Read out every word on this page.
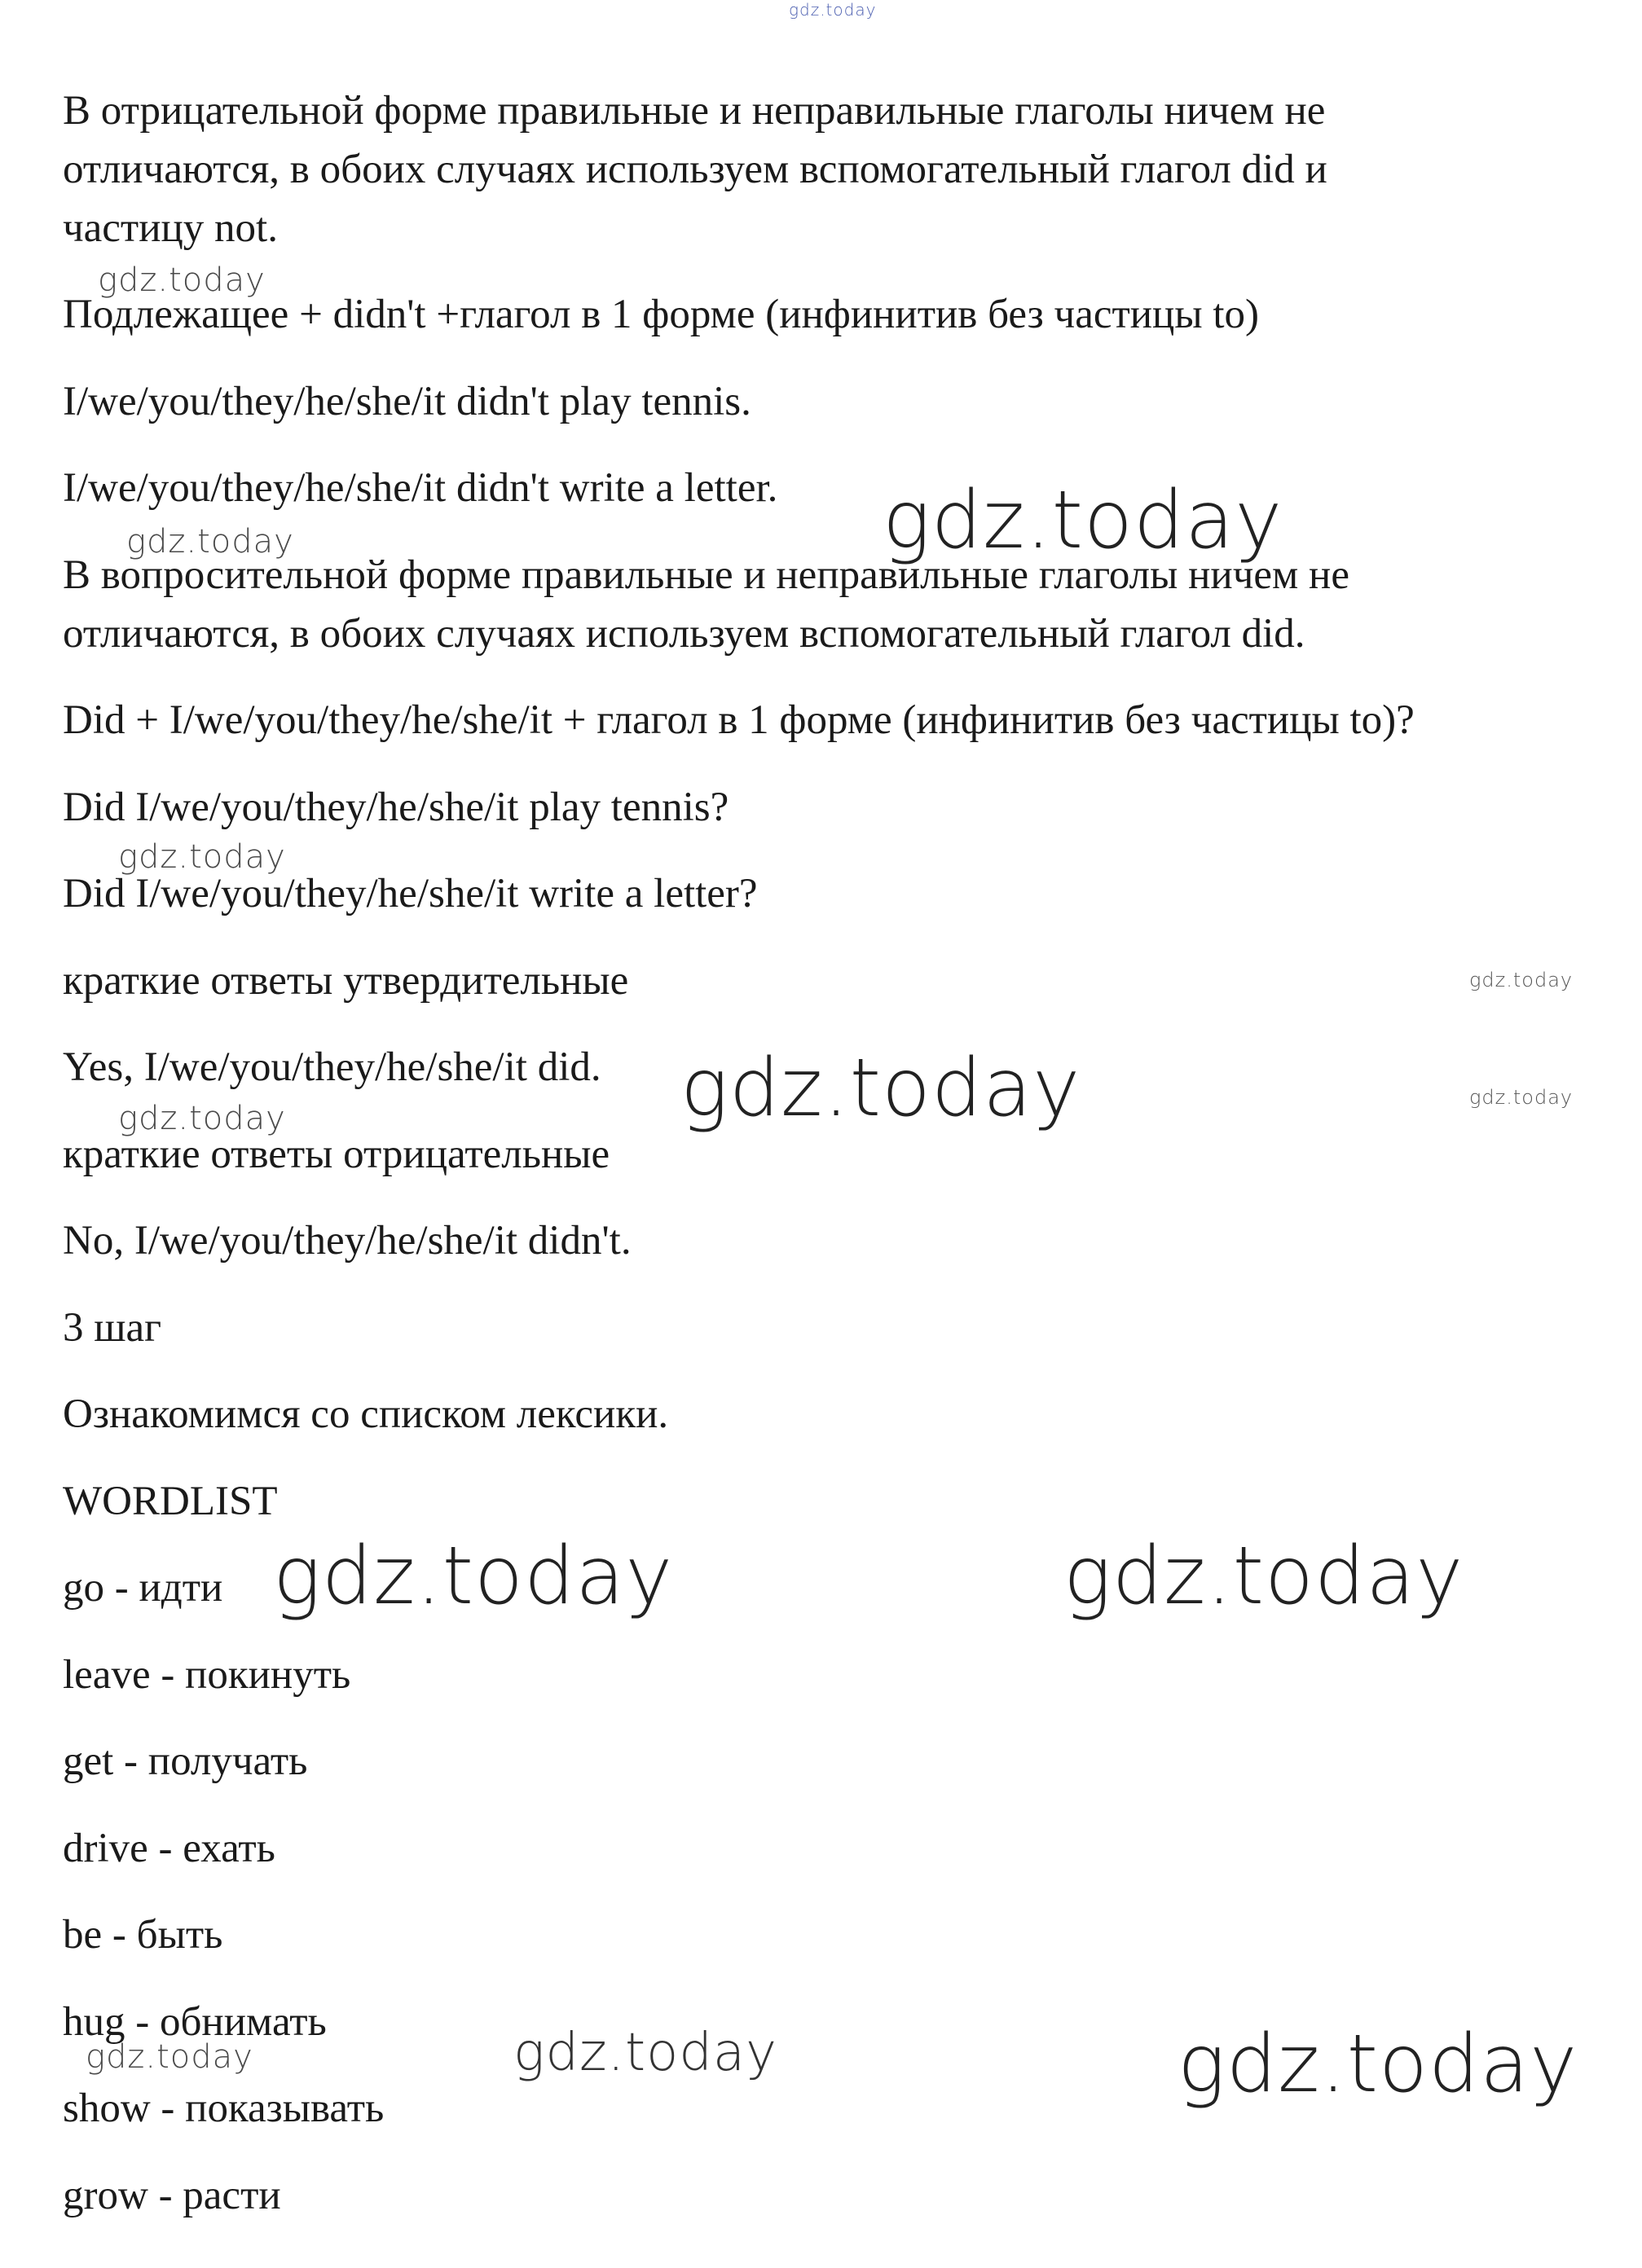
В отрицательной форме правильные и неправильные глаголы ничем не

отличаются, в обоих случаях используем вспомогательный глагол did и

частицу not.

Подлежащее + didn't +глагол в 1 форме (инфинитив без частицы to)

I/we/you/they/he/she/it didn't play tennis.

I/we/you/they/he/she/it didn't write a letter.

В вопросительной форме правильные и неправильные глаголы ничем не

отличаются, в обоих случаях используем вспомогательный глагол did.

Did + I/we/you/they/he/she/it + глагол в 1 форме (инфинитив без частицы to)?

Did I/we/you/they/he/she/it play tennis?

Did I/we/you/they/he/she/it write a letter?

краткие ответы утвердительные

Yes, I/we/you/they/he/she/it did.

краткие ответы отрицательные

No, I/we/you/they/he/she/it didn't.

3 шаг

Ознакомимся со списком лексики.

WORDLIST

go - идти

leave - покинуть

get - получать

drive - ехать

be - быть

hug - обнимать

show - показывать

grow - расти

gdz.today
gdz.today
gdz.today
gdz.today
gdz.today
gdz.today
gdz.today	gdz.today
gdz.today
gdz.today	gdz.today
gdz.today	gdz.today	gdz.today
